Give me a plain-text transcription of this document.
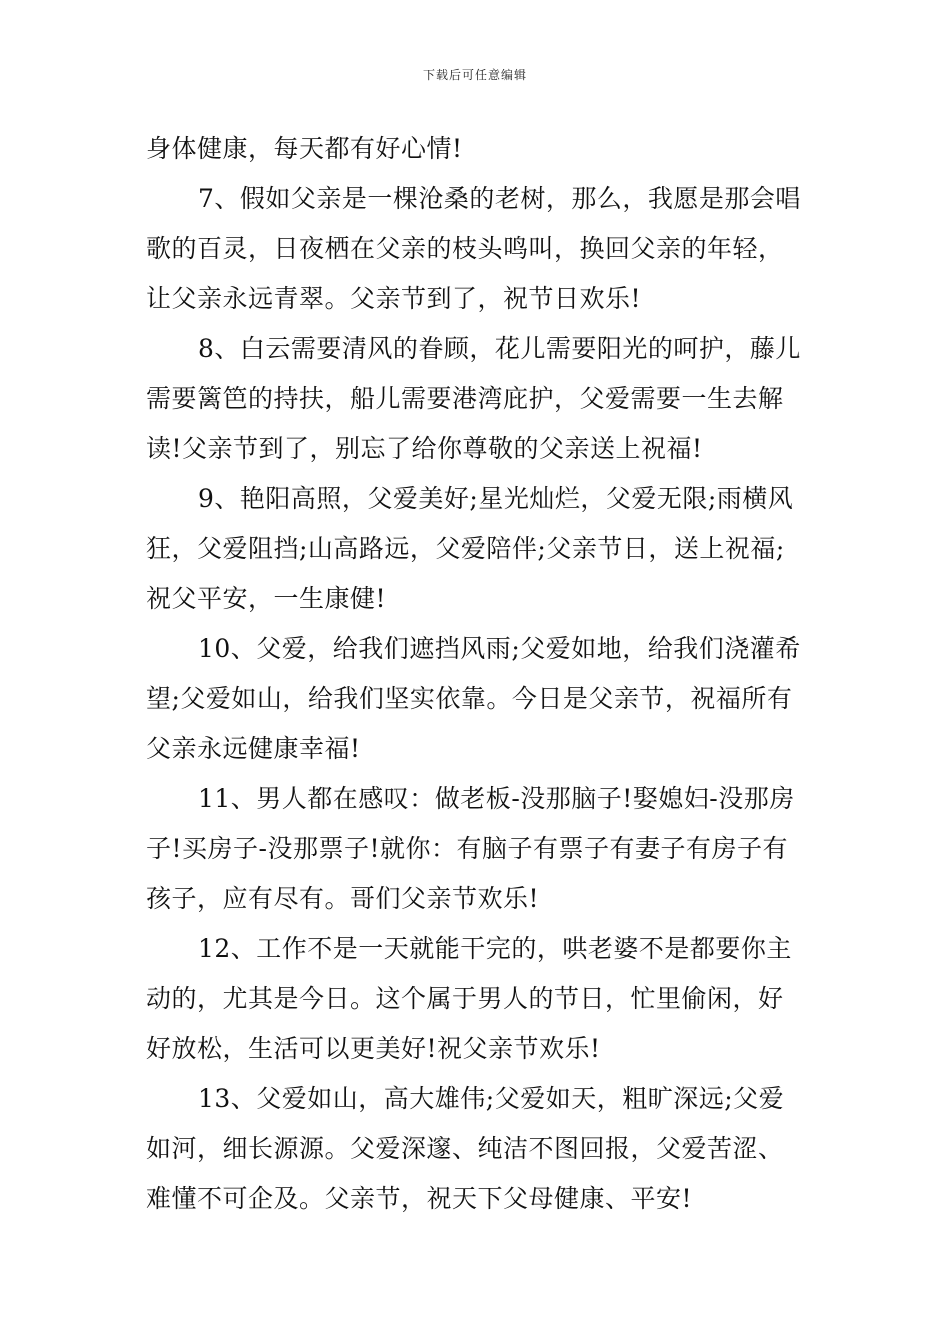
下载后可任意编辑
身体健康，每天都有好心情!
7、假如父亲是一棵沧桑的老树，那么，我愿是那会唱
歌的百灵，日夜栖在父亲的枝头鸣叫，换回父亲的年轻，
让父亲永远青翠。父亲节到了，祝节日欢乐!
8、白云需要清风的眷顾，花儿需要阳光的呵护，藤儿
需要篱笆的持扶，船儿需要港湾庇护，父爱需要一生去解
读!父亲节到了，别忘了给你尊敬的父亲送上祝福!
9、艳阳高照，父爱美好;星光灿烂，父爱无限;雨横风
狂，父爱阻挡;山高路远，父爱陪伴;父亲节日，送上祝福;
祝父平安，一生康健!
10、父爱，给我们遮挡风雨;父爱如地，给我们浇灌希
望;父爱如山，给我们坚实依靠。今日是父亲节，祝福所有
父亲永远健康幸福!
11、男人都在感叹：做老板-没那脑子!娶媳妇-没那房
子!买房子-没那票子!就你：有脑子有票子有妻子有房子有
孩子，应有尽有。哥们父亲节欢乐!
12、工作不是一天就能干完的，哄老婆不是都要你主
动的，尤其是今日。这个属于男人的节日，忙里偷闲，好
好放松，生活可以更美好!祝父亲节欢乐!
13、父爱如山，高大雄伟;父爱如天，粗旷深远;父爱
如河，细长源源。父爱深邃、纯洁不图回报，父爱苦涩、
难懂不可企及。父亲节，祝天下父母健康、平安!
